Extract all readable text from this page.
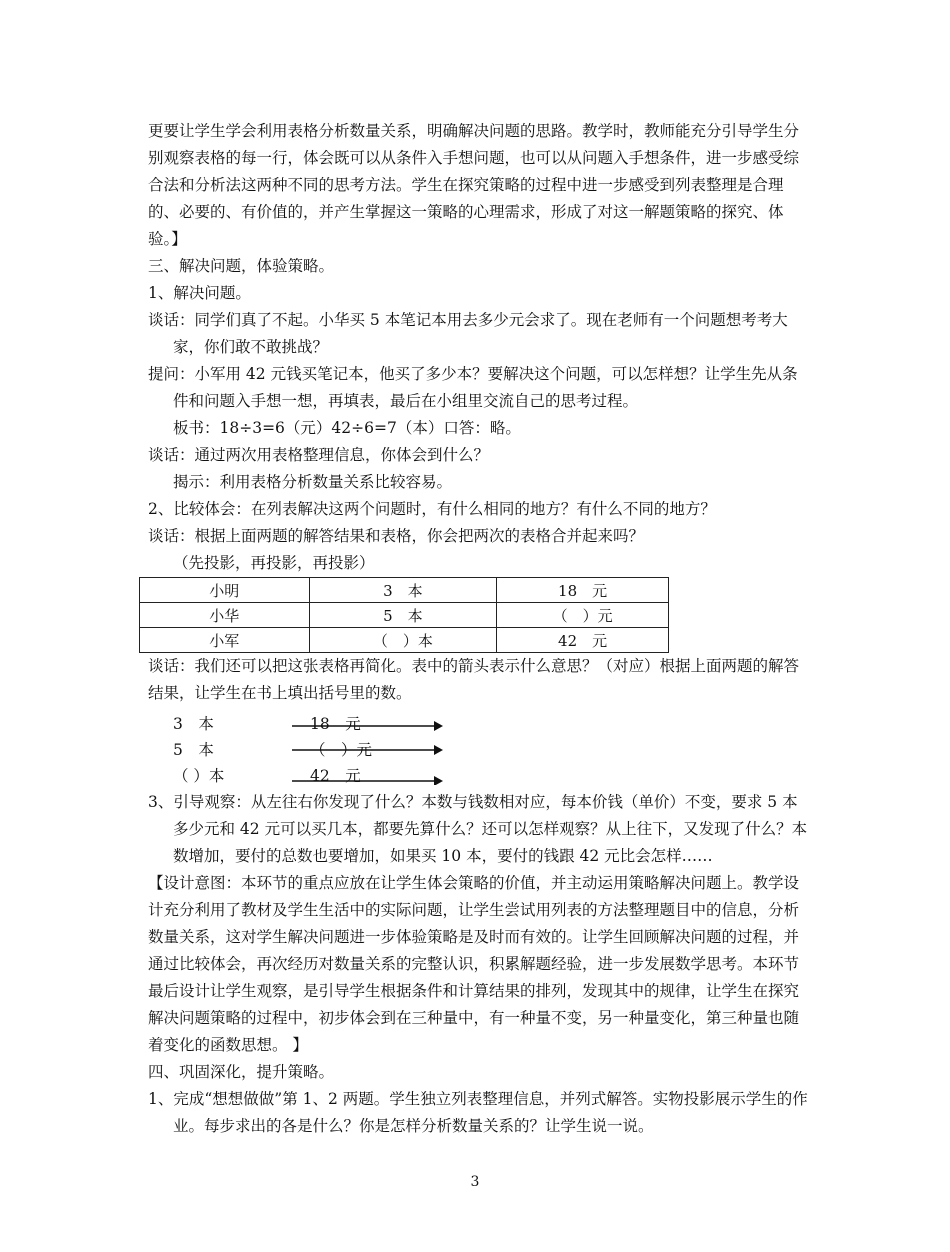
更要让学生学会利用表格分析数量关系，明确解决问题的思路。教学时，教师能充分引导学生分别观察表格的每一行，体会既可以从条件入手想问题，也可以从问题入手想条件，进一步感受综合法和分析法这两种不同的思考方法。学生在探究策略的过程中进一步感受到列表整理是合理的、必要的、有价值的，并产生掌握这一策略的心理需求，形成了对这一解题策略的探究、体验。】

三、解决问题，体验策略。

1、解决问题。

谈话：同学们真了不起。小华买 5 本笔记本用去多少元会求了。现在老师有一个问题想考考大家，你们敢不敢挑战？

提问：小军用 42 元钱买笔记本，他买了多少本？要解决这个问题，可以怎样想？让学生先从条件和问题入手想一想，再填表，最后在小组里交流自己的思考过程。

板书：18÷3=6（元）42÷6=7（本）口答：略。

谈话：通过两次用表格整理信息，你体会到什么？

揭示：利用表格分析数量关系比较容易。

2、比较体会：在列表解决这两个问题时，有什么相同的地方？有什么不同的地方？

谈话：根据上面两题的解答结果和表格，你会把两次的表格合并起来吗？

（先投影，再投影，再投影）

小明	3　本	18　元
小华	5　本	（　）元
小军	（　）本	42　元

谈话：我们还可以把这张表格再简化。表中的箭头表示什么意思？（对应）根据上面两题的解答结果，让学生在书上填出括号里的数。

3　本	18　元
5　本	（　）元
（ ）本	42　元

3、引导观察：从左往右你发现了什么？本数与钱数相对应，每本价钱（单价）不变，要求 5 本多少元和 42 元可以买几本，都要先算什么？还可以怎样观察？从上往下，又发现了什么？本数增加，要付的总数也要增加，如果买 10 本，要付的钱跟 42 元比会怎样……

【设计意图：本环节的重点应放在让学生体会策略的价值，并主动运用策略解决问题上。教学设计充分利用了教材及学生生活中的实际问题，让学生尝试用列表的方法整理题目中的信息，分析数量关系，这对学生解决问题进一步体验策略是及时而有效的。让学生回顾解决问题的过程，并通过比较体会，再次经历对数量关系的完整认识，积累解题经验，进一步发展数学思考。本环节最后设计让学生观察，是引导学生根据条件和计算结果的排列，发现其中的规律，让学生在探究解决问题策略的过程中，初步体会到在三种量中，有一种量不变，另一种量变化，第三种量也随着变化的函数思想。 】

四、巩固深化，提升策略。

1、完成“想想做做”第 1、2 两题。学生独立列表整理信息，并列式解答。实物投影展示学生的作业。每步求出的各是什么？你是怎样分析数量关系的？让学生说一说。

3
